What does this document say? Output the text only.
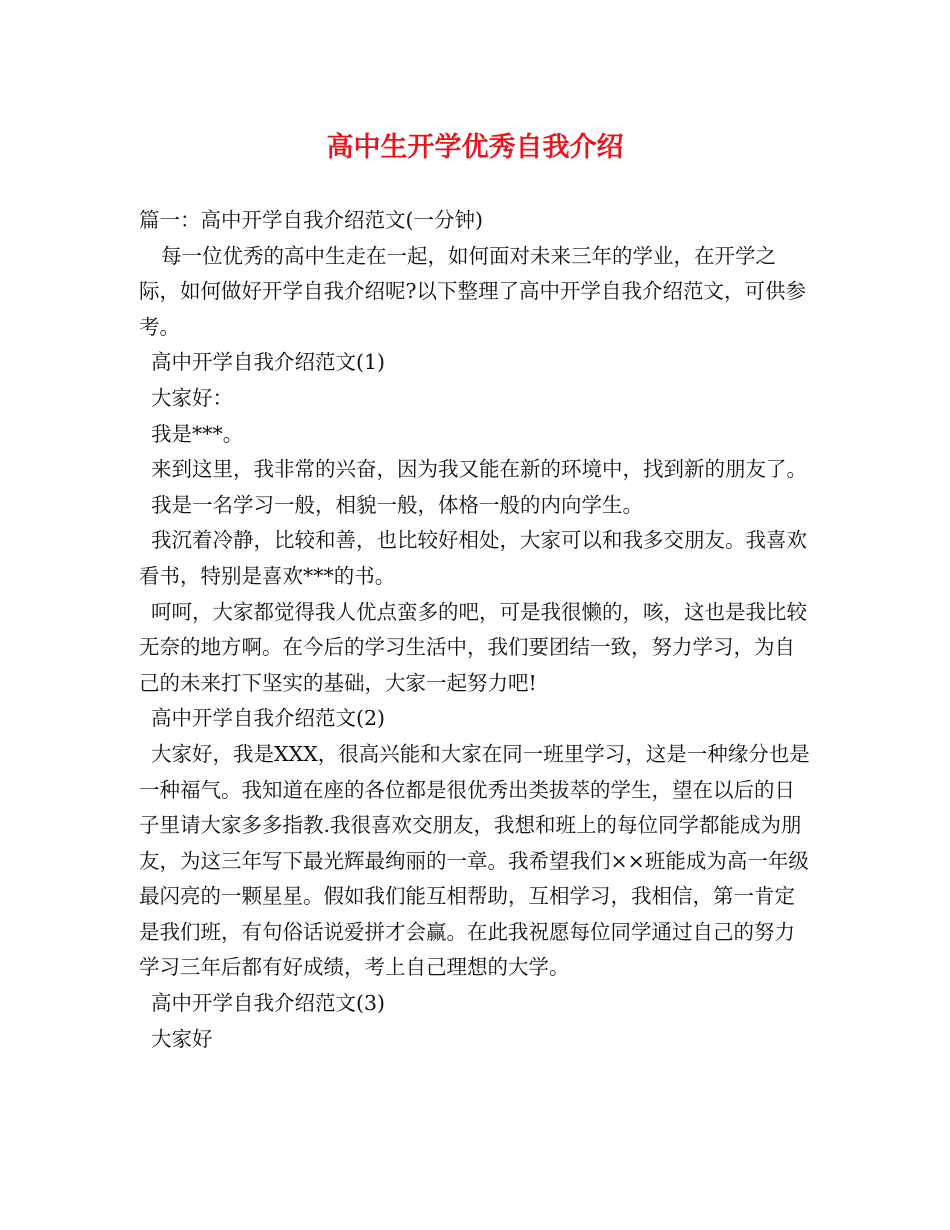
高中生开学优秀自我介绍

篇一：高中开学自我介绍范文(一分钟)

每一位优秀的高中生走在一起，如何面对未来三年的学业，在开学之际，如何做好开学自我介绍呢?以下整理了高中开学自我介绍范文，可供参考。

高中开学自我介绍范文(1)

大家好：

我是***。

来到这里，我非常的兴奋，因为我又能在新的环境中，找到新的朋友了。

我是一名学习一般，相貌一般，体格一般的内向学生。

我沉着冷静，比较和善，也比较好相处，大家可以和我多交朋友。我喜欢看书，特别是喜欢***的书。

呵呵，大家都觉得我人优点蛮多的吧，可是我很懒的，咳，这也是我比较无奈的地方啊。在今后的学习生活中，我们要团结一致，努力学习，为自己的未来打下坚实的基础，大家一起努力吧!

高中开学自我介绍范文(2)

大家好，我是XXX，很高兴能和大家在同一班里学习，这是一种缘分也是一种福气。我知道在座的各位都是很优秀出类拔萃的学生，望在以后的日子里请大家多多指教.我很喜欢交朋友，我想和班上的每位同学都能成为朋友，为这三年写下最光辉最绚丽的一章。我希望我们××班能成为高一年级最闪亮的一颗星星。假如我们能互相帮助，互相学习，我相信，第一肯定是我们班，有句俗话说爱拼才会赢。在此我祝愿每位同学通过自己的努力学习三年后都有好成绩，考上自己理想的大学。

高中开学自我介绍范文(3)

大家好
